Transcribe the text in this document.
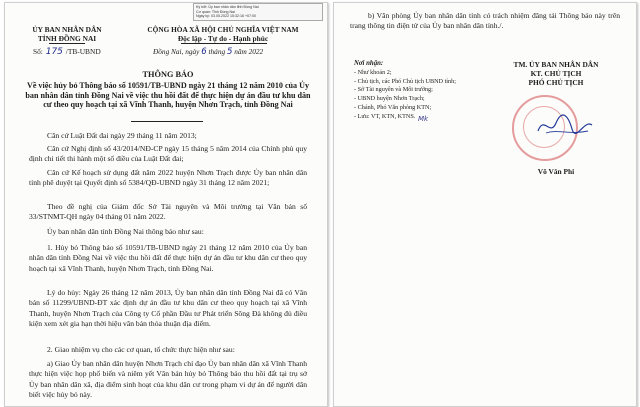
Ký bởi: Ủy ban nhân dân tỉnh Đồng Nai
Cơ quan: Tỉnh Đồng Nai
Ngày ký: 03.05.2022 15:32:16 +07:00
ỦY BAN NHÂN DÂN
TỈNH ĐỒNG NAI
Số: 175 /TB-UBND
CỘNG HÒA XÃ HỘI CHỦ NGHĨA VIỆT NAM
Độc lập - Tự do - Hạnh phúc
Đồng Nai, ngày 6 tháng 5 năm 2022
THÔNG BÁO
Về việc hủy bỏ Thông báo số 10591/TB-UBND ngày 21 tháng 12 năm 2010 của Ủy ban nhân dân tỉnh Đồng Nai về việc thu hồi đất để thực hiện dự án đầu tư khu dân cư theo quy hoạch tại xã Vĩnh Thanh, huyện Nhơn Trạch, tỉnh Đồng Nai
Căn cứ Luật Đất đai ngày 29 tháng 11 năm 2013;
Căn cứ Nghị định số 43/2014/NĐ-CP ngày 15 tháng 5 năm 2014 của Chính phủ quy định chi tiết thi hành một số điều của Luật Đất đai;
Căn cứ Kế hoạch sử dụng đất năm 2022 huyện Nhơn Trạch được Ủy ban nhân dân tỉnh phê duyệt tại Quyết định số 5384/QĐ-UBND ngày 31 tháng 12 năm 2021;
Theo đề nghị của Giám đốc Sở Tài nguyên và Môi trường tại Văn bản số 33/STNMT-QH ngày 04 tháng 01 năm 2022.
Ủy ban nhân dân tỉnh Đồng Nai thông báo như sau:
1. Hủy bỏ Thông báo số 10591/TB-UBND ngày 21 tháng 12 năm 2010 của Ủy ban nhân dân tỉnh Đồng Nai về việc thu hồi đất để thực hiện dự án đầu tư khu dân cư theo quy hoạch tại xã Vĩnh Thanh, huyện Nhơn Trạch, tỉnh Đồng Nai.
Lý do hủy: Ngày 26 tháng 12 năm 2013, Ủy ban nhân dân tỉnh Đồng Nai đã có Văn bản số 11299/UBND-ĐT xác định dự án đầu tư khu dân cư theo quy hoạch tại xã Vĩnh Thanh, huyện Nhơn Trạch của Công ty Cổ phần Đầu tư Phát triển Sông Đà không đủ điều kiện xem xét gia hạn thời hiệu văn bản thỏa thuận địa điểm.
2. Giao nhiệm vụ cho các cơ quan, tổ chức thực hiện như sau:
a) Giao Ủy ban nhân dân huyện Nhơn Trạch chỉ đạo Ủy ban nhân dân xã Vĩnh Thanh thực hiện việc họp phổ biến và niêm yết Văn bản hủy bỏ Thông báo thu hồi đất tại trụ sở Ủy ban nhân dân xã, địa điểm sinh hoạt của khu dân cư trong phạm vi dự án để người dân biết việc hủy bỏ này.
b) Văn phòng Ủy ban nhân dân tỉnh có trách nhiệm đăng tải Thông báo này trên trang thông tin điện tử của Ủy ban nhân dân tỉnh./.
Nơi nhận:
- Như khoản 2;
- Chủ tịch, các Phó Chủ tịch UBND tỉnh;
- Sở Tài nguyên và Môi trường;
- UBND huyện Nhơn Trạch;
- Chánh, Phó Văn phòng KTN;
- Lưu: VT, KTN, KTNS. Mk
TM. ỦY BAN NHÂN DÂN
KT. CHỦ TỊCH
PHÓ CHỦ TỊCH
Võ Văn Phi
